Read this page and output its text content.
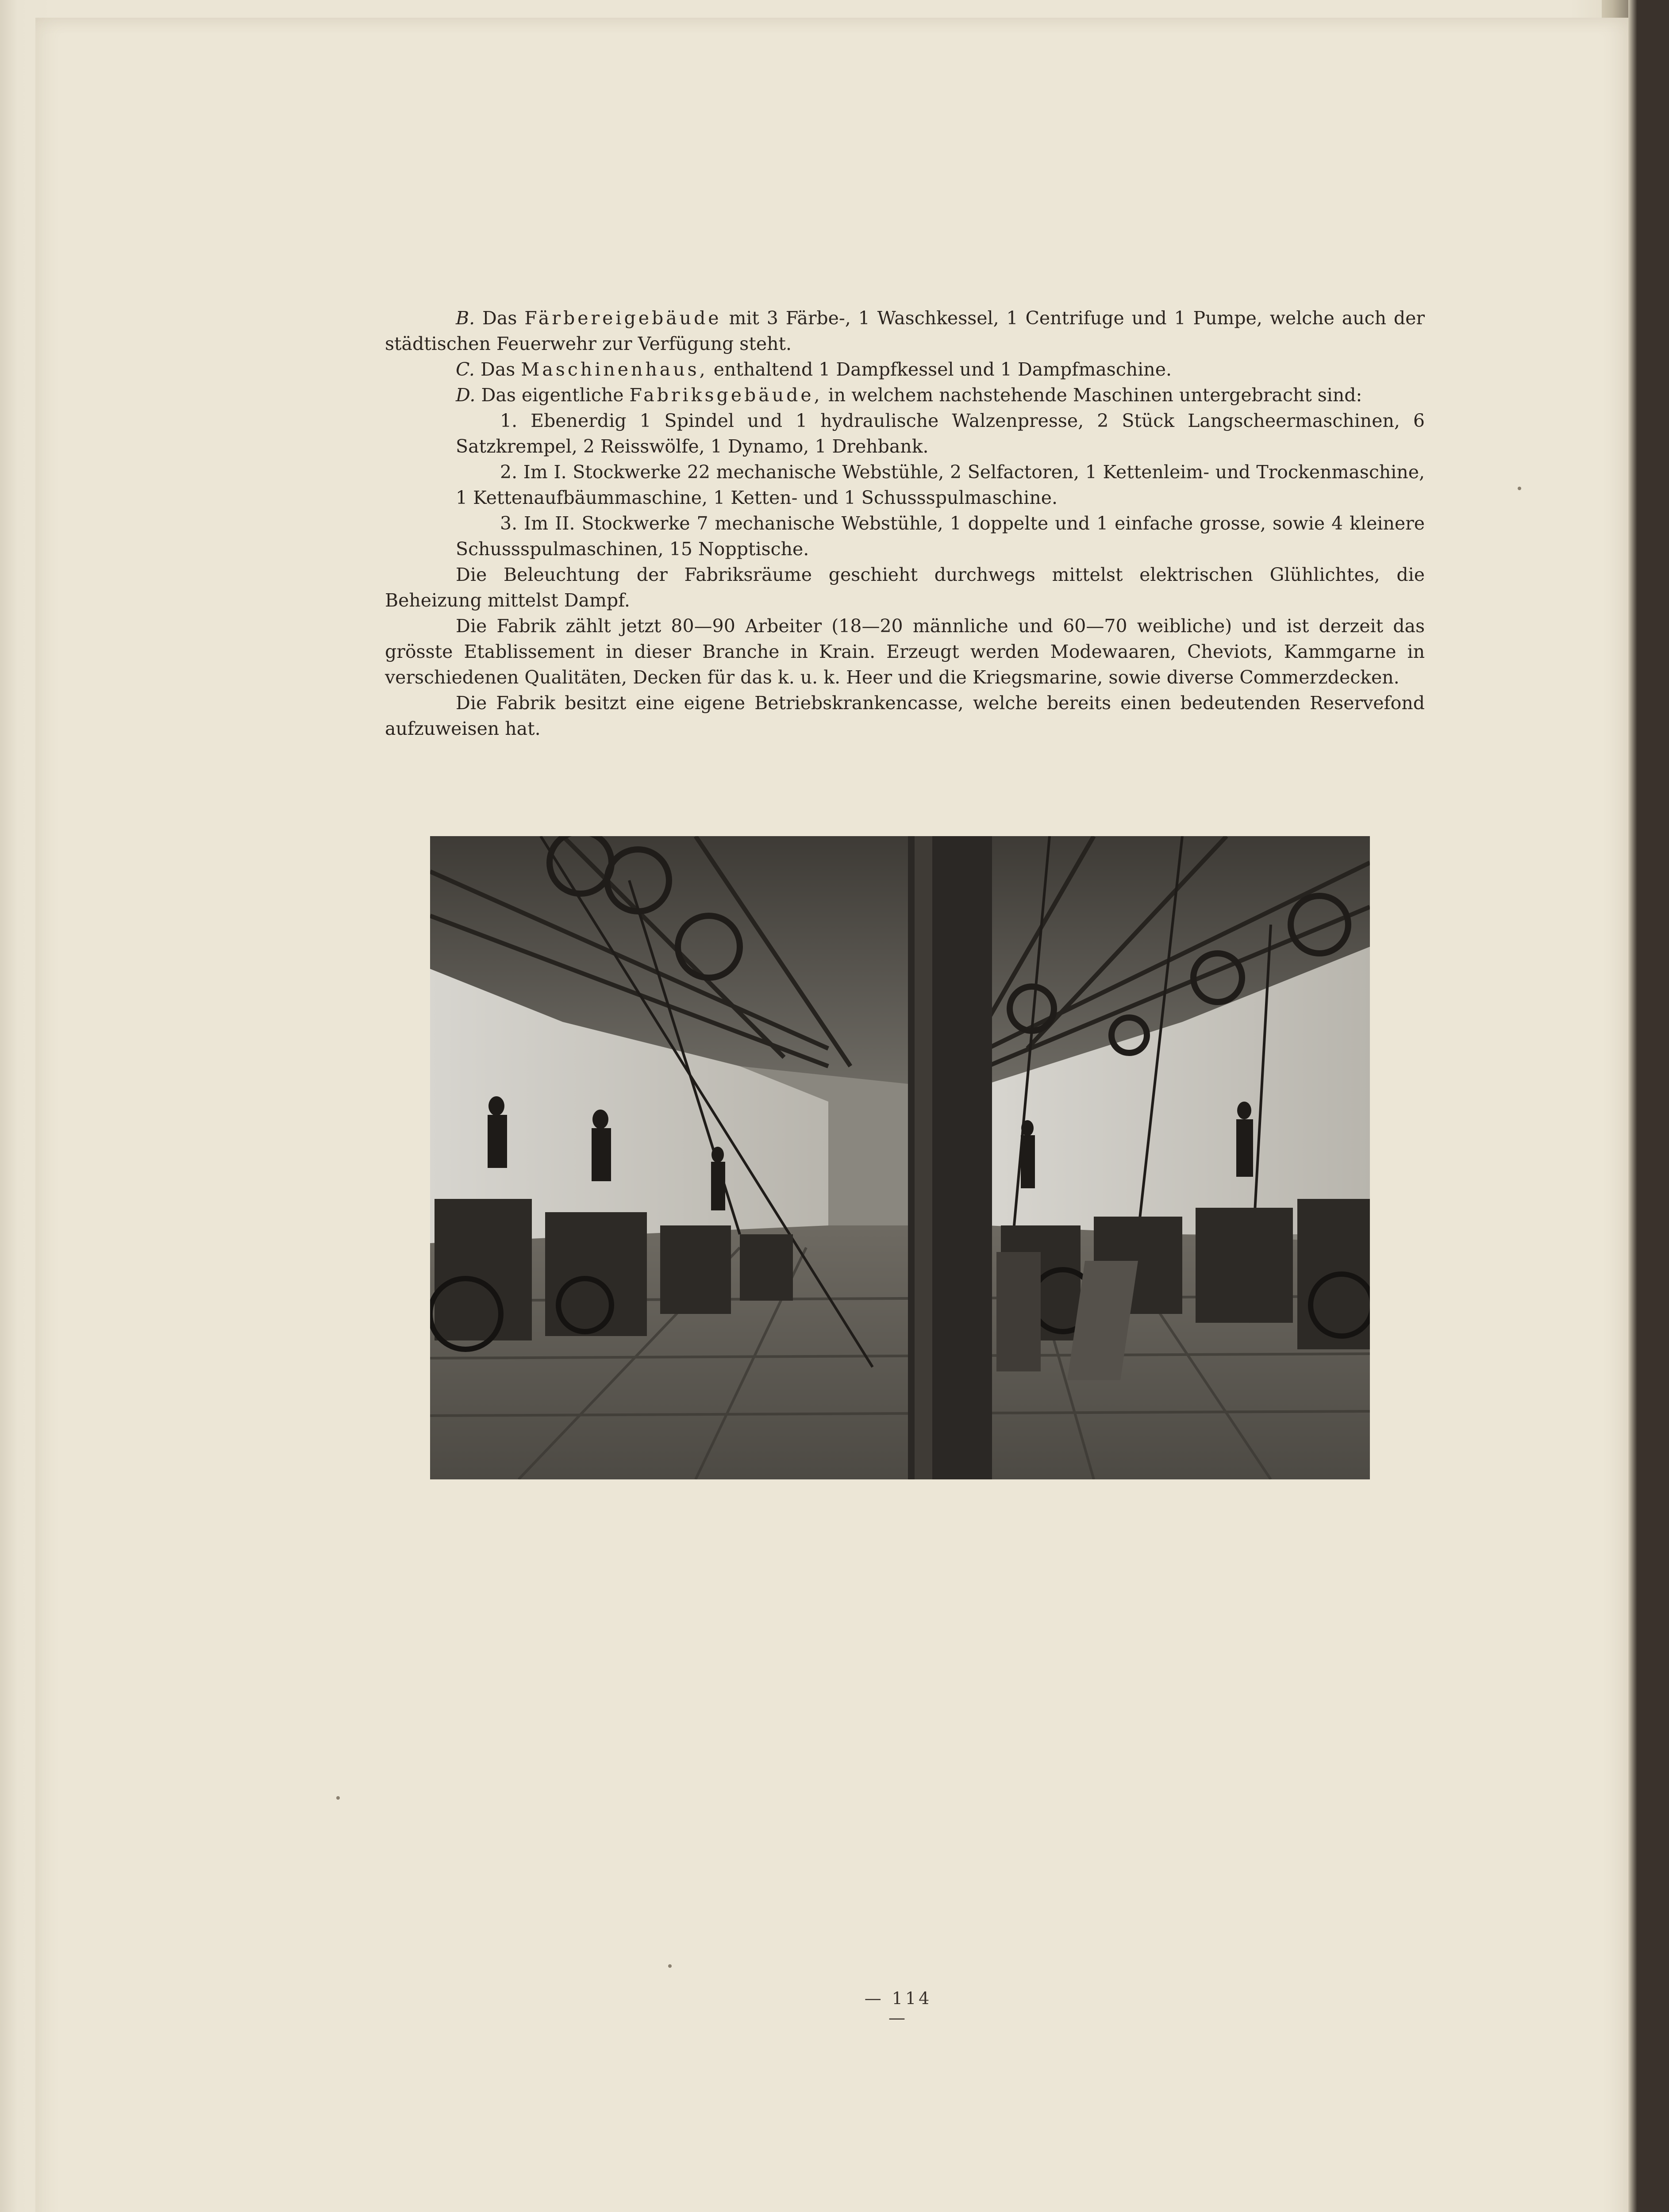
B. Das Färbereigebäude mit 3 Färbe-, 1 Waschkessel, 1 Centrifuge und 1 Pumpe, welche auch der städtischen Feuerwehr zur Verfügung steht.

C. Das Maschinenhaus, enthaltend 1 Dampfkessel und 1 Dampfmaschine.

D. Das eigentliche Fabriksgebäude, in welchem nachstehende Maschinen untergebracht sind:

1. Ebenerdig 1 Spindel und 1 hydraulische Walzenpresse, 2 Stück Langscheermaschinen, 6 Satzkrempel, 2 Reisswölfe, 1 Dynamo, 1 Drehbank.

2. Im I. Stockwerke 22 mechanische Webstühle, 2 Selfactoren, 1 Kettenleim- und Trockenmaschine, 1 Kettenaufbäummaschine, 1 Ketten- und 1 Schussspulmaschine.

3. Im II. Stockwerke 7 mechanische Webstühle, 1 doppelte und 1 einfache grosse, sowie 4 kleinere Schussspulmaschinen, 15 Nopptische.

Die Beleuchtung der Fabriksräume geschieht durchwegs mittelst elektrischen Glühlichtes, die Beheizung mittelst Dampf.

Die Fabrik zählt jetzt 80—90 Arbeiter (18—20 männliche und 60—70 weibliche) und ist derzeit das grösste Etablissement in dieser Branche in Krain. Erzeugt werden Modewaaren, Cheviots, Kammgarne in verschiedenen Qualitäten, Decken für das k. u. k. Heer und die Kriegsmarine, sowie diverse Commerzdecken.

Die Fabrik besitzt eine eigene Betriebskrankencasse, welche bereits einen bedeutenden Reservefond aufzuweisen hat.

— 114 —
